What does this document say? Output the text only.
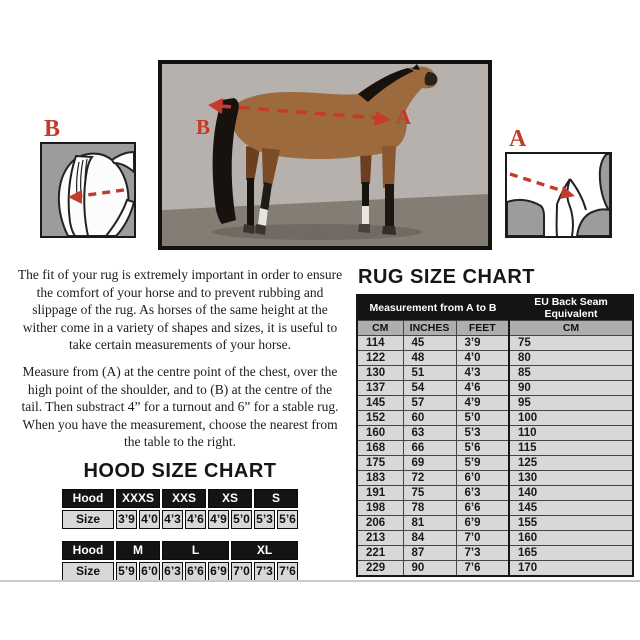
B	B	A
A

The fit of your rug is extremely important in order to ensure the comfort of your horse and to prevent rubbing and slippage of the rug. As horses of the same height at the wither come in a variety of shapes and sizes, it is useful to take certain measurements of your horse.

Measure from (A) at the centre point of the chest, over the high point of the shoulder, and to (B) at the centre of the tail. Then substract 4” for a turnout and 6” for a stable rug. When you have the measurement, choose the nearest from the table to the right.

HOOD SIZE CHART
Hood	XXXS		XXS		XS		S	
Size	3’9	4’0	4’3	4’6	4’9	5’0	5’3	5’6
Hood	M		L			XL		
Size	5’9	6’0	6’3	6’6	6’9	7’0	7’3	7’6
RUG SIZE CHART
Measurement from A to B			EU Back Seam Equivalent
CM	INCHES	FEET	CM
114	45	3’9	75
122	48	4’0	80
130	51	4’3	85
137	54	4’6	90
145	57	4’9	95
152	60	5’0	100
160	63	5’3	110
168	66	5’6	115
175	69	5’9	125
183	72	6’0	130
191	75	6’3	140
198	78	6’6	145
206	81	6’9	155
213	84	7’0	160
221	87	7’3	165
229	90	7’6	170
